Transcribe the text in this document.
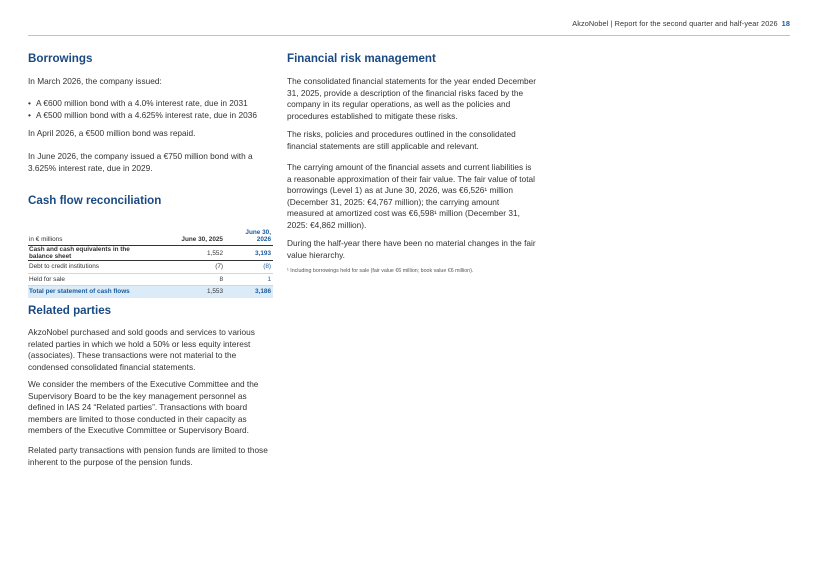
AkzoNobel | Report for the second quarter and half-year 2026 18
Borrowings

In March 2026, the company issued:

• A €600 million bond with a 4.0% interest rate, due in 2031
• A €500 million bond with a 4.625% interest rate, due in 2036

In April 2026, a €500 million bond was repaid.

In June 2026, the company issued a €750 million bond with a 3.625% interest rate, due in 2029.

Cash flow reconciliation
in € millions	June 30, 2025	June 30,
2026
Cash and cash equivalents in the balance sheet	1,552	3,193
Debt to credit institutions	(7)	(8)
Held for sale	8	1
Total per statement of cash flows	1,553	3,186
Related parties

AkzoNobel purchased and sold goods and services to various related parties in which we hold a 50% or less equity interest (associates). These transactions were not material to the condensed consolidated financial statements.

We consider the members of the Executive Committee and the Supervisory Board to be the key management personnel as defined in IAS 24 “Related parties”. Transactions with board members are limited to those conducted in their capacity as members of the Executive Committee or Supervisory Board.

Related party transactions with pension funds are limited to those inherent to the purpose of the pension funds.

Financial risk management

The consolidated financial statements for the year ended December 31, 2025, provide a description of the financial risks faced by the company in its regular operations, as well as the policies and procedures established to mitigate these risks.

The risks, policies and procedures outlined in the consolidated financial statements are still applicable and relevant.

The carrying amount of the financial assets and current liabilities is a reasonable approximation of their fair value. The fair value of total borrowings (Level 1) as at June 30, 2026, was €6,526¹ million (December 31, 2025: €4,767 million); the carrying amount measured at amortized cost was €6,598¹ million (December 31, 2025: €4,862 million).

During the half-year there have been no material changes in the fair value hierarchy.

¹ Including borrowings held for sale (fair value €6 million; book value €6 million).
